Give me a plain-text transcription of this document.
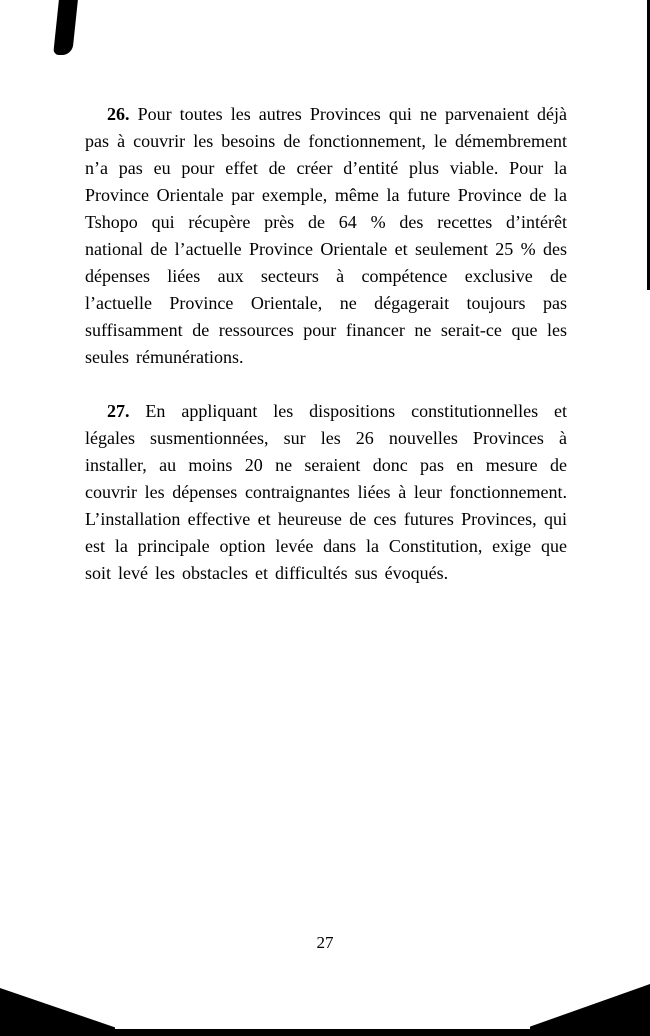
26. Pour toutes les autres Provinces qui ne parvenaient déjà pas à couvrir les besoins de fonctionnement, le démembrement n’a pas eu pour effet de créer d’entité plus viable. Pour la Province Orientale par exemple, même la future Province de la Tshopo qui récupère près de 64 % des recettes d’intérêt national de l’actuelle Province Orientale et seulement 25 % des dépenses liées aux secteurs à compétence exclusive de l’actuelle Province Orientale, ne dégagerait toujours pas suffisamment de ressources pour financer ne serait-ce que les seules rémunérations.

27. En appliquant les dispositions constitutionnelles et légales susmentionnées, sur les 26 nouvelles Provinces à installer, au moins 20 ne seraient donc pas en mesure de couvrir les dépenses contraignantes liées à leur fonctionnement. L’installation effective et heureuse de ces futures Provinces, qui est la principale option levée dans la Constitution, exige que soit levé les obstacles et difficultés sus évoqués.

27
